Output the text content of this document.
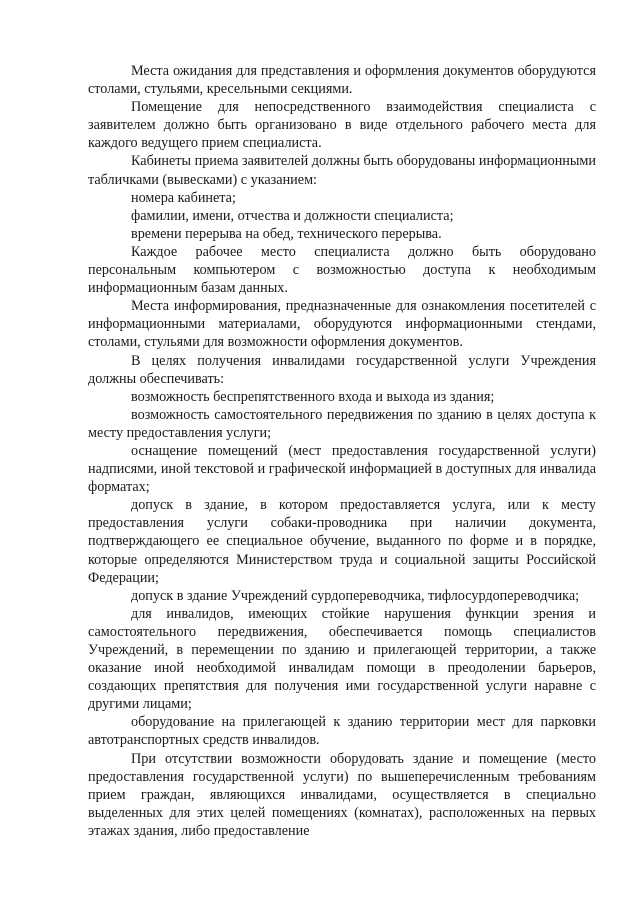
Места ожидания для представления и оформления документов оборудуются столами, стульями, кресельными секциями.

Помещение для непосредственного взаимодействия специалиста с заявителем должно быть организовано в виде отдельного рабочего места для каждого ведущего прием специалиста.

Кабинеты приема заявителей должны быть оборудованы информационными табличками (вывесками) с указанием:

номера кабинета;

фамилии, имени, отчества и должности специалиста;

времени перерыва на обед, технического перерыва.

Каждое рабочее место специалиста должно быть оборудовано персональным компьютером с возможностью доступа к необходимым информационным базам данных.

Места информирования, предназначенные для ознакомления посетителей с информационными материалами, оборудуются информационными стендами, столами, стульями для возможности оформления документов.

В целях получения инвалидами государственной услуги Учреждения должны обеспечивать:

возможность беспрепятственного входа и выхода из здания;

возможность самостоятельного передвижения по зданию в целях доступа к месту предоставления услуги;

оснащение помещений (мест предоставления государственной услуги) надписями, иной текстовой и графической информацией в доступных для инвалида форматах;

допуск в здание, в котором предоставляется услуга, или к месту предоставления услуги собаки-проводника при наличии документа, подтверждающего ее специальное обучение, выданного по форме и в порядке, которые определяются Министерством труда и социальной защиты Российской Федерации;

допуск в здание Учреждений сурдопереводчика, тифлосурдопереводчика;

для инвалидов, имеющих стойкие нарушения функции зрения и самостоятельного передвижения, обеспечивается помощь специалистов Учреждений, в перемещении по зданию и прилегающей территории, а также оказание иной необходимой инвалидам помощи в преодолении барьеров, создающих препятствия для получения ими государственной услуги наравне с другими лицами;

оборудование на прилегающей к зданию территории мест для парковки автотранспортных средств инвалидов.

При отсутствии возможности оборудовать здание и помещение (место предоставления государственной услуги) по вышеперечисленным требованиям прием граждан, являющихся инвалидами, осуществляется в специально выделенных для этих целей помещениях (комнатах), расположенных на первых этажах здания, либо предоставление
